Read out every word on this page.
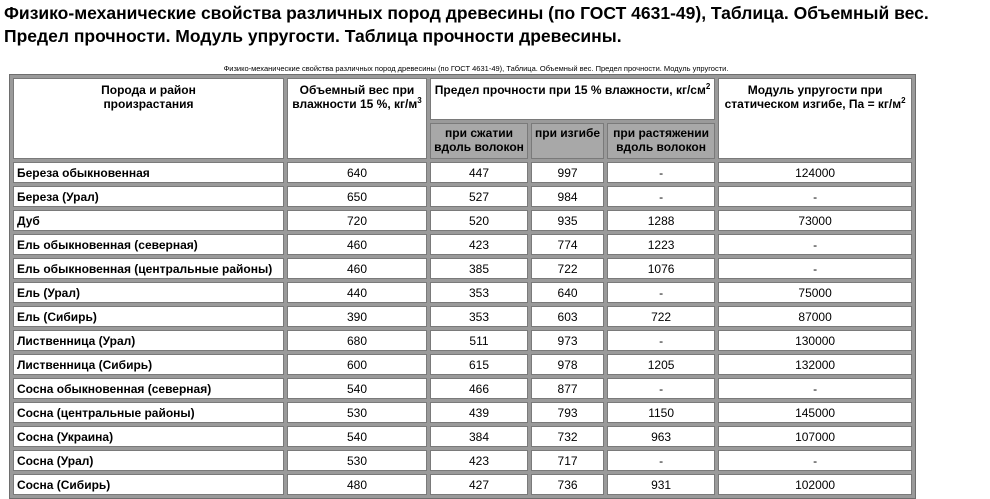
Физико-механические свойства различных пород древесины (по ГОСТ 4631-49), Таблица. Объемный вес. Предел прочности. Модуль упругости. Таблица прочности древесины.
Физико-механические свойства различных пород древесины (по ГОСТ 4631-49), Таблица. Объемный вес. Предел прочности. Модуль упругости.
Порода и район произрастания	Объемный вес при влажности 15 %, $кг/м^3$	Предел прочности при 15 % влажности, $кг/см^2$			Модуль упругости при статическом изгибе, Па = $кг/м^2$
		при сжатии вдоль волокон	при изгибе	при растяжении вдоль волокон	
Береза обыкновенная	640	447	997	-	124000
Береза (Урал)	650	527	984	-	-
Дуб	720	520	935	1288	73000
Ель обыкновенная (северная)	460	423	774	1223	-
Ель обыкновенная (центральные районы)	460	385	722	1076	-
Ель (Урал)	440	353	640	-	75000
Ель (Сибирь)	390	353	603	722	87000
Лиственница (Урал)	680	511	973	-	130000
Лиственница (Сибирь)	600	615	978	1205	132000
Сосна обыкновенная (северная)	540	466	877	-	-
Сосна (центральные районы)	530	439	793	1150	145000
Сосна (Украина)	540	384	732	963	107000
Сосна (Урал)	530	423	717	-	-
Сосна (Сибирь)	480	427	736	931	102000
